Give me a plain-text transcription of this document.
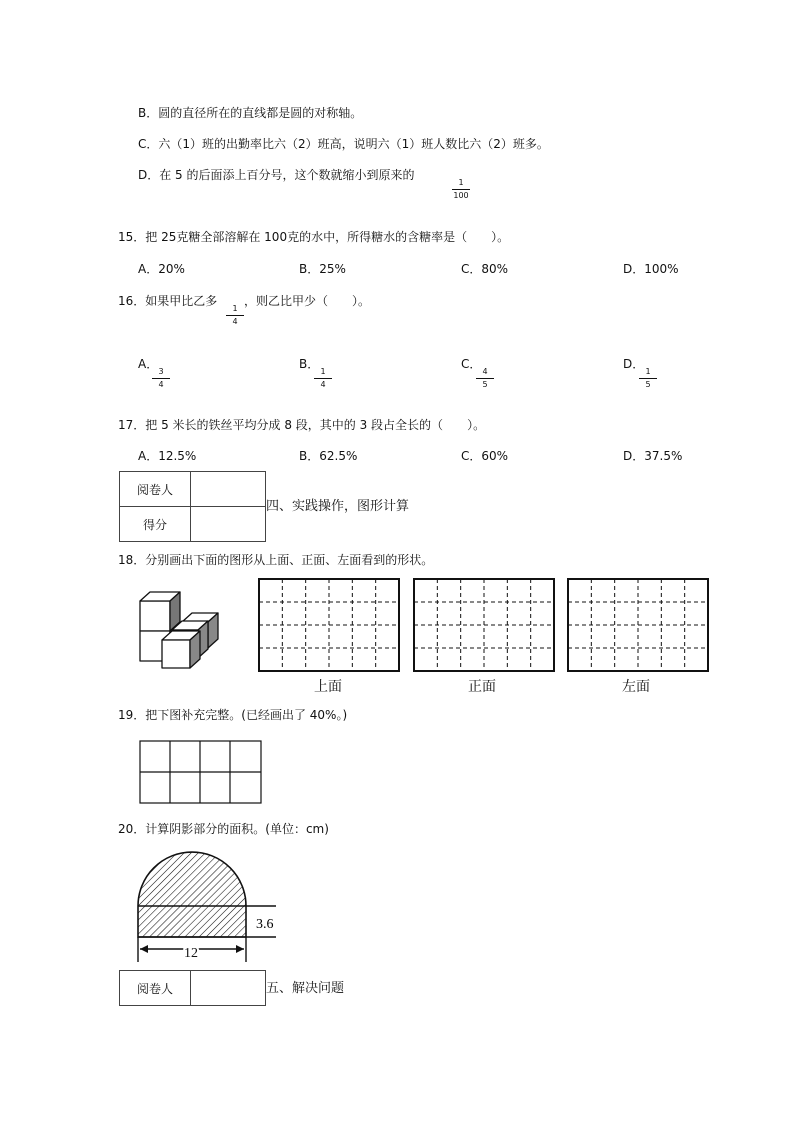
B．圆的直径所在的直线都是圆的对称轴。
C．六（1）班的出勤率比六（2）班高，说明六（1）班人数比六（2）班多。
D．在 5 的后面添上百分号，这个数就缩小到原来的
$\frac{1}{100}$
15．把 25克糖全部溶解在 100克的水中，所得糖水的含糖率是（　　）。
A．20%	B．25%	C．80%	D．100%
16．如果甲比乙多
$\frac{1}{4}$
，则乙比甲少（　　）。
A．
$\frac{3}{4}$
B．
$\frac{1}{4}$
C．
$\frac{4}{5}$
D．
$\frac{1}{5}$
17．把 5 米长的铁丝平均分成 8 段，其中的 3 段占全长的（　　）。
A．12.5%	B．62.5%	C．60%	D．37.5%
阅卷人	
得分	
四、实践操作，图形计算
18．分别画出下面的图形从上面、正面、左面看到的形状。
上面	正面	左面
19．把下图补充完整。(已经画出了 40%。)
20．计算阴影部分的面积。(单位：cm)
3.6
12
阅卷人		五、解决问题
